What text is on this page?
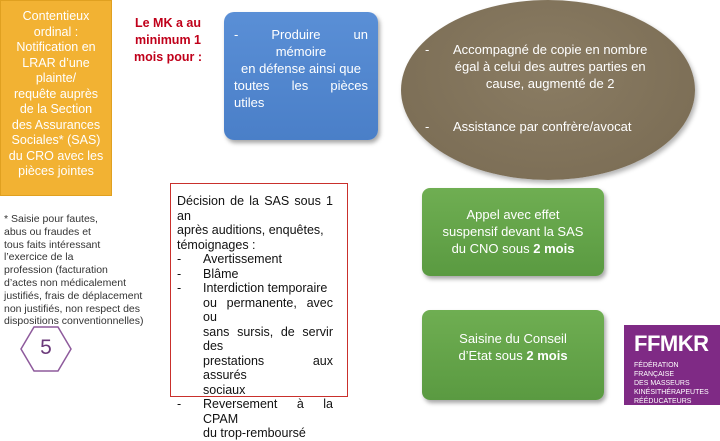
Contentieux
ordinal :
Notification en
LRAR d’une
plainte/
requête auprès
de la Section
des Assurances
Sociales* (SAS)
du CRO avec les
pièces jointes
Le MK a au
minimum 1
mois pour :
-	Produire	un
mémoire
en défense ainsi que
toutes les pièces
utiles
-	Accompagné de copie en nombre
égal à celui des autres parties en
cause, augmenté de 2
-	Assistance par confrère/avocat
* Saisie pour fautes,
abus ou fraudes et
tous faits intéressant
l’exercice de la
profession (facturation
d’actes non médicalement
justifiés, frais de déplacement
non justifiés, non respect des
dispositions conventionnelles)
Décision de la SAS sous 1 an
après auditions, enquêtes,
témoignages :
-	Avertissement
-	Blâme
-	Interdiction temporaire
ou permanente, avec ou
sans sursis, de servir des
prestations aux assurés
sociaux
-	Reversement à la CPAM
du trop-remboursé
Appel avec effet
suspensif devant la SAS
du CNO sous 2 mois
Saisine du Conseil
d’Etat sous 2 mois
5	FFMKR
FÉDÉRATION FRANÇAISE
DES MASSEURS
KINÉSITHÉRAPEUTES
RÉÉDUCATEURS
